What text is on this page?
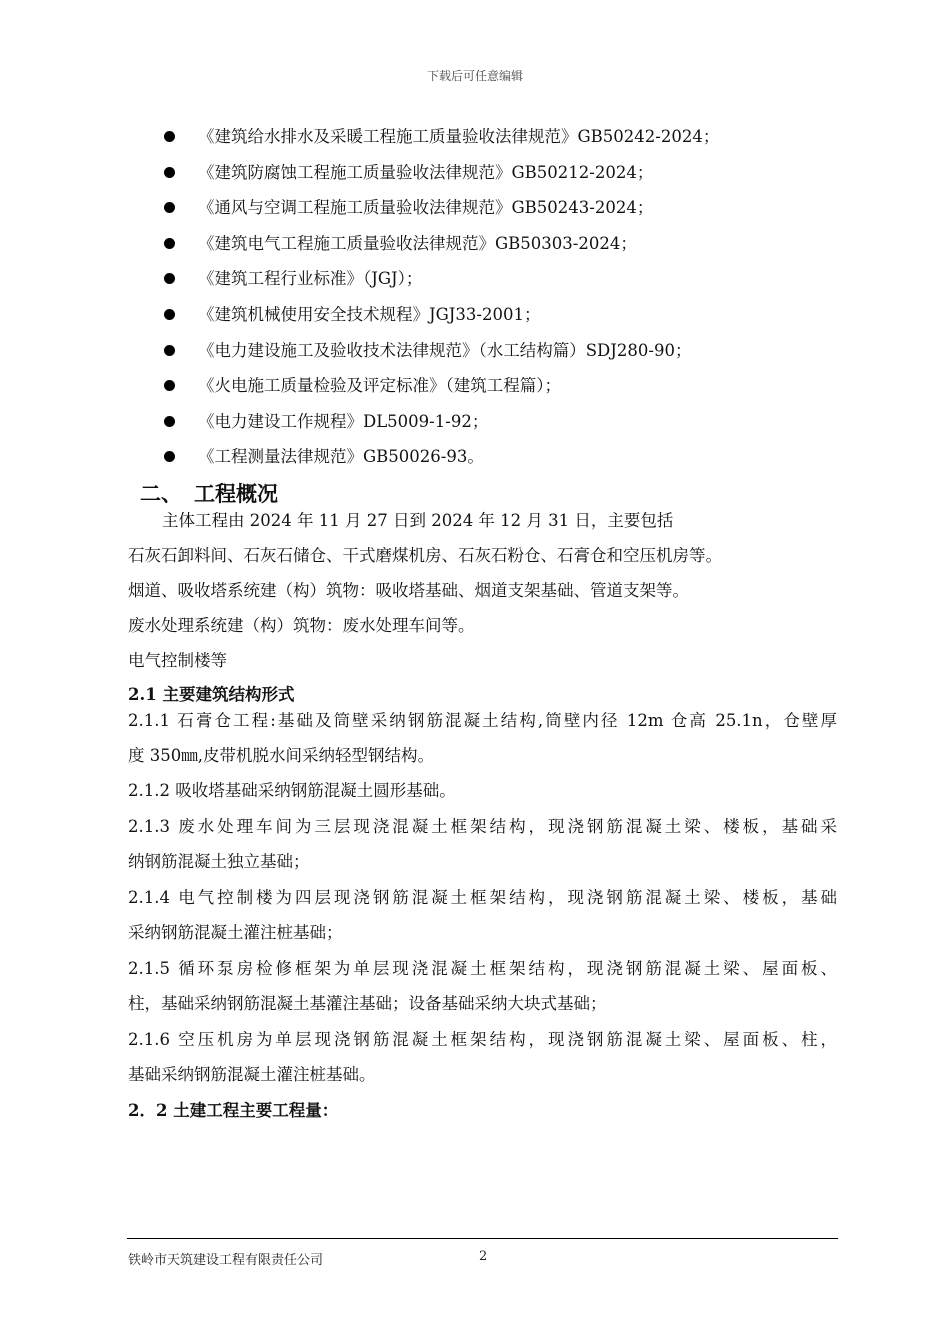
下载后可任意编辑
《建筑给水排水及采暖工程施工质量验收法律规范》GB50242-2024；
《建筑防腐蚀工程施工质量验收法律规范》GB50212-2024；
《通风与空调工程施工质量验收法律规范》GB50243-2024；
《建筑电气工程施工质量验收法律规范》GB50303-2024；
《建筑工程行业标准》（JGJ）；
《建筑机械使用安全技术规程》JGJ33-2001；
《电力建设施工及验收技术法律规范》（水工结构篇）SDJ280-90；
《火电施工质量检验及评定标准》（建筑工程篇）；
《电力建设工作规程》DL5009-1-92；
《工程测量法律规范》GB50026-93。
二、 工程概况
主体工程由 2024 年 11 月 27 日到 2024 年 12 月 31 日，主要包括
石灰石卸料间、石灰石储仓、干式磨煤机房、石灰石粉仓、石膏仓和空压机房等。
烟道、吸收塔系统建（构）筑物：吸收塔基础、烟道支架基础、管道支架等。
废水处理系统建（构）筑物：废水处理车间等。
电气控制楼等
2.1 主要建筑结构形式
2.1.1 石膏仓工程:基础及筒壁采纳钢筋混凝土结构,筒壁内径 12m 仓高 25.1n，仓壁厚
度 350㎜,皮带机脱水间采纳轻型钢结构。
2.1.2 吸收塔基础采纳钢筋混凝土圆形基础。
2.1.3 废水处理车间为三层现浇混凝土框架结构，现浇钢筋混凝土梁、楼板，基础采
纳钢筋混凝土独立基础；
2.1.4 电气控制楼为四层现浇钢筋混凝土框架结构，现浇钢筋混凝土梁、楼板，基础
采纳钢筋混凝土灌注桩基础；
2.1.5 循环泵房检修框架为单层现浇混凝土框架结构，现浇钢筋混凝土梁、屋面板、
柱，基础采纳钢筋混凝土基灌注基础；设备基础采纳大块式基础；
2.1.6 空压机房为单层现浇钢筋混凝土框架结构，现浇钢筋混凝土梁、屋面板、柱，
基础采纳钢筋混凝土灌注桩基础。
2．2 土建工程主要工程量：
铁岭市天筑建设工程有限责任公司	2
